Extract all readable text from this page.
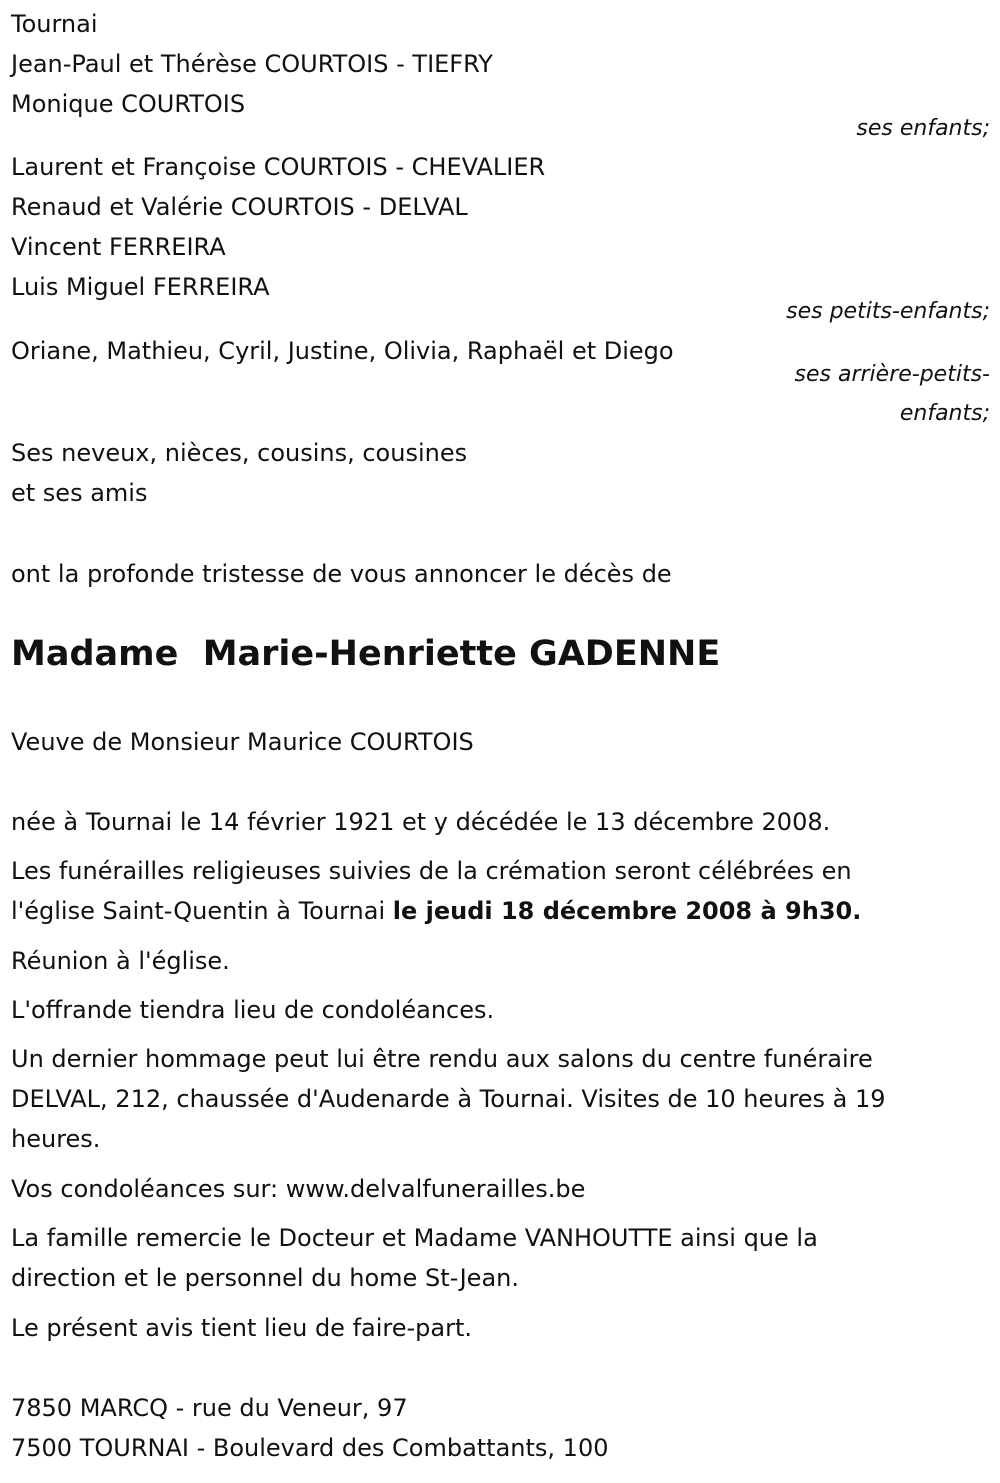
Tournai
Jean-Paul et Thérèse COURTOIS - TIEFRY
Monique COURTOIS
ses enfants;
Laurent et Françoise COURTOIS - CHEVALIER
Renaud et Valérie COURTOIS - DELVAL
Vincent FERREIRA
Luis Miguel FERREIRA
ses petits-enfants;
Oriane, Mathieu, Cyril, Justine, Olivia, Raphaël et Diego
ses arrière-petits-
enfants;
Ses neveux, nièces, cousins, cousines
et ses amis
ont la profonde tristesse de vous annoncer le décès de
Madame  Marie-Henriette GADENNE
Veuve de Monsieur Maurice COURTOIS
née à Tournai le 14 février 1921 et y décédée le 13 décembre 2008.
Les funérailles religieuses suivies de la crémation seront célébrées en
l'église Saint-Quentin à Tournai le jeudi 18 décembre 2008 à 9h30.
Réunion à l'église.
L'offrande tiendra lieu de condoléances.
Un dernier hommage peut lui être rendu aux salons du centre funéraire
DELVAL, 212, chaussée d'Audenarde à Tournai. Visites de 10 heures à 19
heures.
Vos condoléances sur: www.delvalfunerailles.be
La famille remercie le Docteur et Madame VANHOUTTE ainsi que la
direction et le personnel du home St-Jean.
Le présent avis tient lieu de faire-part.
7850 MARCQ - rue du Veneur, 97
7500 TOURNAI - Boulevard des Combattants, 100
